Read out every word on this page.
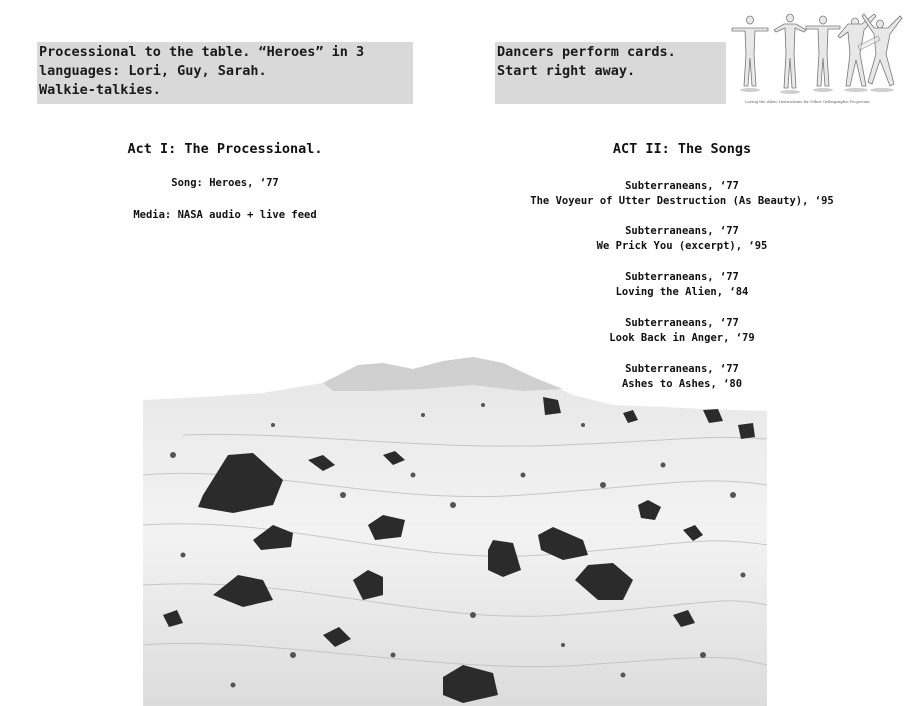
Processional to the table. “Heroes” in 3
languages: Lori, Guy, Sarah.
Walkie-talkies.
Dancers perform cards.
Start right away.
Loving the Alien: Instructions for Other Orthographic Projection
Act I: The Processional.
Song: Heroes, ‘77
Media: NASA audio + live feed
ACT II: The Songs
Subterraneans, ‘77
The Voyeur of Utter Destruction (As Beauty), ‘95
Subterraneans, ‘77
We Prick You (excerpt), ‘95
Subterraneans, ‘77
Loving the Alien, ‘84
Subterraneans, ‘77
Look Back in Anger, ‘79
Subterraneans, ‘77
Ashes to Ashes, ‘80
